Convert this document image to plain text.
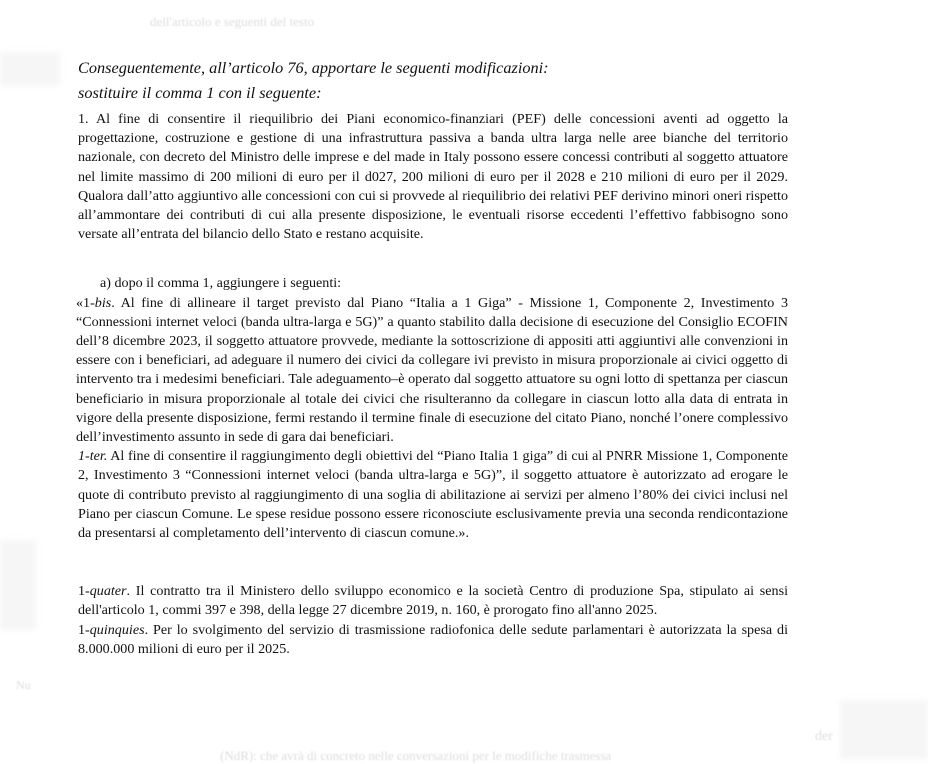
dell'articolo e seguenti del testo
(NdR): che avrà di concreto nelle conversazioni per le modifiche trasmessa
Nu
der

Conseguentemente, all’articolo 76, apportare le seguenti modificazioni:

sostituire il comma 1 con il seguente:

1. Al fine di consentire il riequilibrio dei Piani economico-finanziari (PEF) delle concessioni aventi ad oggetto la progettazione, costruzione e gestione di una infrastruttura passiva a banda ultra larga nelle aree bianche del territorio nazionale, con decreto del Ministro delle imprese e del made in Italy possono essere concessi contributi al soggetto attuatore nel limite massimo di 200 milioni di euro per il d027, 200 milioni di euro per il 2028 e 210 milioni di euro per il 2029. Qualora dall’atto aggiuntivo alle concessioni con cui si provvede al riequilibrio dei relativi PEF derivino minori oneri rispetto all’ammontare dei contributi di cui alla presente disposizione, le eventuali risorse eccedenti l’effettivo fabbisogno sono versate all’entrata del bilancio dello Stato e restano acquisite.

a) dopo il comma 1, aggiungere i seguenti:

«1-bis. Al fine di allineare il target previsto dal Piano “Italia a 1 Giga” - Missione 1, Componente 2, Investimento 3 “Connessioni internet veloci (banda ultra-larga e 5G)” a quanto stabilito dalla decisione di esecuzione del Consiglio ECOFIN dell’8 dicembre 2023, il soggetto attuatore provvede, mediante la sottoscrizione di appositi atti aggiuntivi alle convenzioni in essere con i beneficiari, ad adeguare il numero dei civici da collegare ivi previsto in misura proporzionale ai civici oggetto di intervento tra i medesimi beneficiari. Tale adeguamento–è operato dal soggetto attuatore su ogni lotto di spettanza per ciascun beneficiario in misura proporzionale al totale dei civici che risulteranno da collegare in ciascun lotto alla data di entrata in vigore della presente disposizione, fermi restando il termine finale di esecuzione del citato Piano, nonché l’onere complessivo dell’investimento assunto in sede di gara dai beneficiari.

1-ter. Al fine di consentire il raggiungimento degli obiettivi del “Piano Italia 1 giga” di cui al PNRR Missione 1, Componente 2, Investimento 3 “Connessioni internet veloci (banda ultra-larga e 5G)”, il soggetto attuatore è autorizzato ad erogare le quote di contributo previsto al raggiungimento di una soglia di abilitazione ai servizi per almeno l’80% dei civici inclusi nel Piano per ciascun Comune. Le spese residue possono essere riconosciute esclusivamente previa una seconda rendicontazione da presentarsi al completamento dell’intervento di ciascun comune.».

1-quater. Il contratto tra il Ministero dello sviluppo economico e la società Centro di produzione Spa, stipulato ai sensi dell'articolo 1, commi 397 e 398, della legge 27 dicembre 2019, n. 160, è prorogato fino all'anno 2025.

1-quinquies. Per lo svolgimento del servizio di trasmissione radiofonica delle sedute parlamentari è autorizzata la spesa di 8.000.000 milioni di euro per il 2025.
